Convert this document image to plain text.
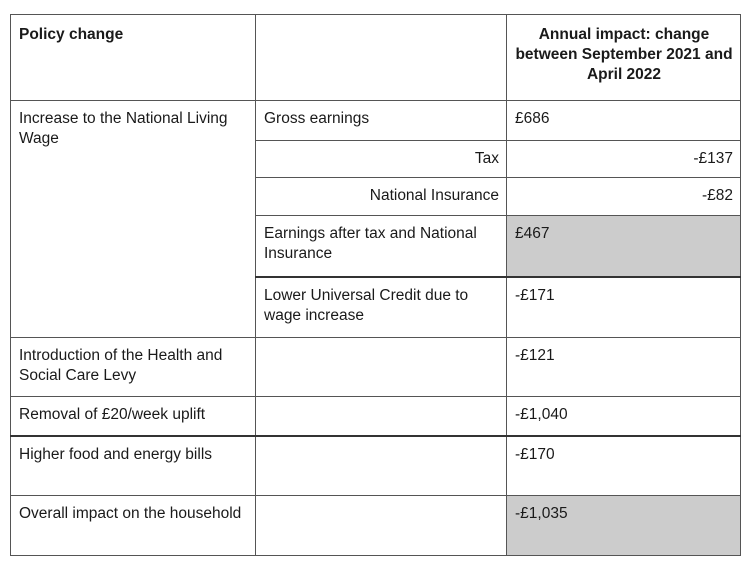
Policy change		Annual impact: change between September 2021 and April 2022

Increase to the National Living Wage	Gross earnings	£686

	Tax	-£137

	National Insurance	-£82

	Earnings after tax and National Insurance	£467

	Lower Universal Credit due to wage increase	-£171

Introduction of the Health and Social Care Levy		-£121

Removal of £20/week uplift		-£1,040

Higher food and energy bills		-£170

Overall impact on the household		-£1,035
